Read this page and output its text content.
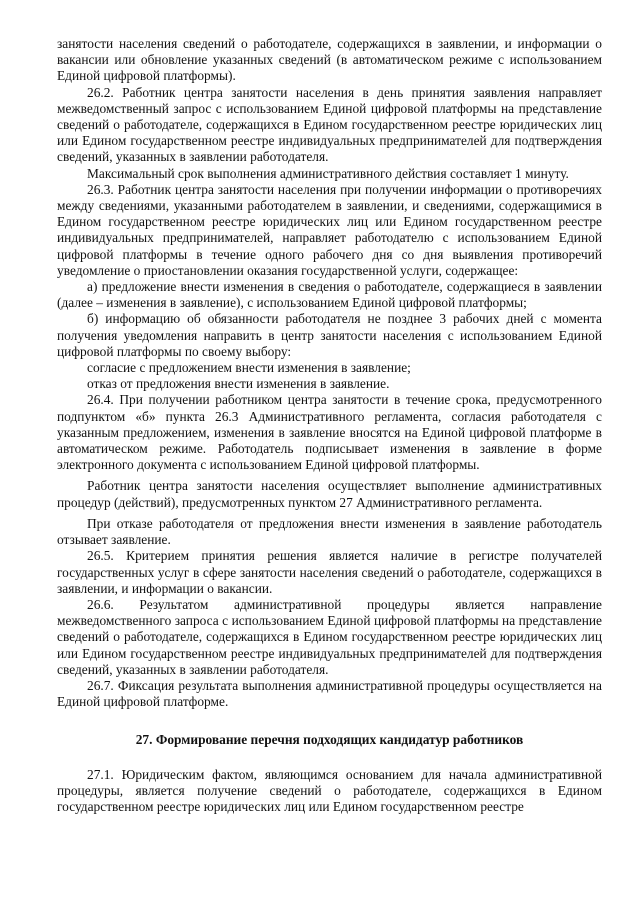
занятости населения сведений о работодателе, содержащихся в заявлении, и информации о вакансии или обновление указанных сведений (в автоматическом режиме с использованием Единой цифровой платформы).

26.2. Работник центра занятости населения в день принятия заявления направляет межведомственный запрос с использованием Единой цифровой платформы на представление сведений о работодателе, содержащихся в Едином государственном реестре юридических лиц или Едином государственном реестре индивидуальных предпринимателей для подтверждения сведений, указанных в заявлении работодателя.

Максимальный срок выполнения административного действия составляет 1 минуту.

26.3. Работник центра занятости населения при получении информации о противоречиях между сведениями, указанными работодателем в заявлении, и сведениями, содержащимися в Едином государственном реестре юридических лиц или Едином государственном реестре индивидуальных предпринимателей, направляет работодателю с использованием Единой цифровой платформы в течение одного рабочего дня со дня выявления противоречий уведомление о приостановлении оказания государственной услуги, содержащее:

а) предложение внести изменения в сведения о работодателе, содержащиеся в заявлении (далее – изменения в заявление), с использованием Единой цифровой платформы;

б) информацию об обязанности работодателя не позднее 3 рабочих дней с момента получения уведомления направить в центр занятости населения с использованием Единой цифровой платформы по своему выбору:

согласие с предложением внести изменения в заявление;

отказ от предложения внести изменения в заявление.

26.4. При получении работником центра занятости в течение срока, предусмотренного подпунктом «б» пункта 26.3 Административного регламента, согласия работодателя с указанным предложением, изменения в заявление вносятся на Единой цифровой платформе в автоматическом режиме. Работодатель подписывает изменения в заявление в форме электронного документа с использованием Единой цифровой платформы.

Работник центра занятости населения осуществляет выполнение административных процедур (действий), предусмотренных пунктом 27 Административного регламента.

При отказе работодателя от предложения внести изменения в заявление работодатель отзывает заявление.

26.5. Критерием принятия решения является наличие в регистре получателей государственных услуг в сфере занятости населения сведений о работодателе, содержащихся в заявлении, и информации о вакансии.

26.6. Результатом административной процедуры является направление межведомственного запроса с использованием Единой цифровой платформы на представление сведений о работодателе, содержащихся в Едином государственном реестре юридических лиц или Едином государственном реестре индивидуальных предпринимателей для подтверждения сведений, указанных в заявлении работодателя.

26.7. Фиксация результата выполнения административной процедуры осуществляется на Единой цифровой платформе.

27. Формирование перечня подходящих кандидатур работников

27.1. Юридическим фактом, являющимся основанием для начала административной процедуры, является получение сведений о работодателе, содержащихся в Едином государственном реестре юридических лиц или Едином государственном реестре
